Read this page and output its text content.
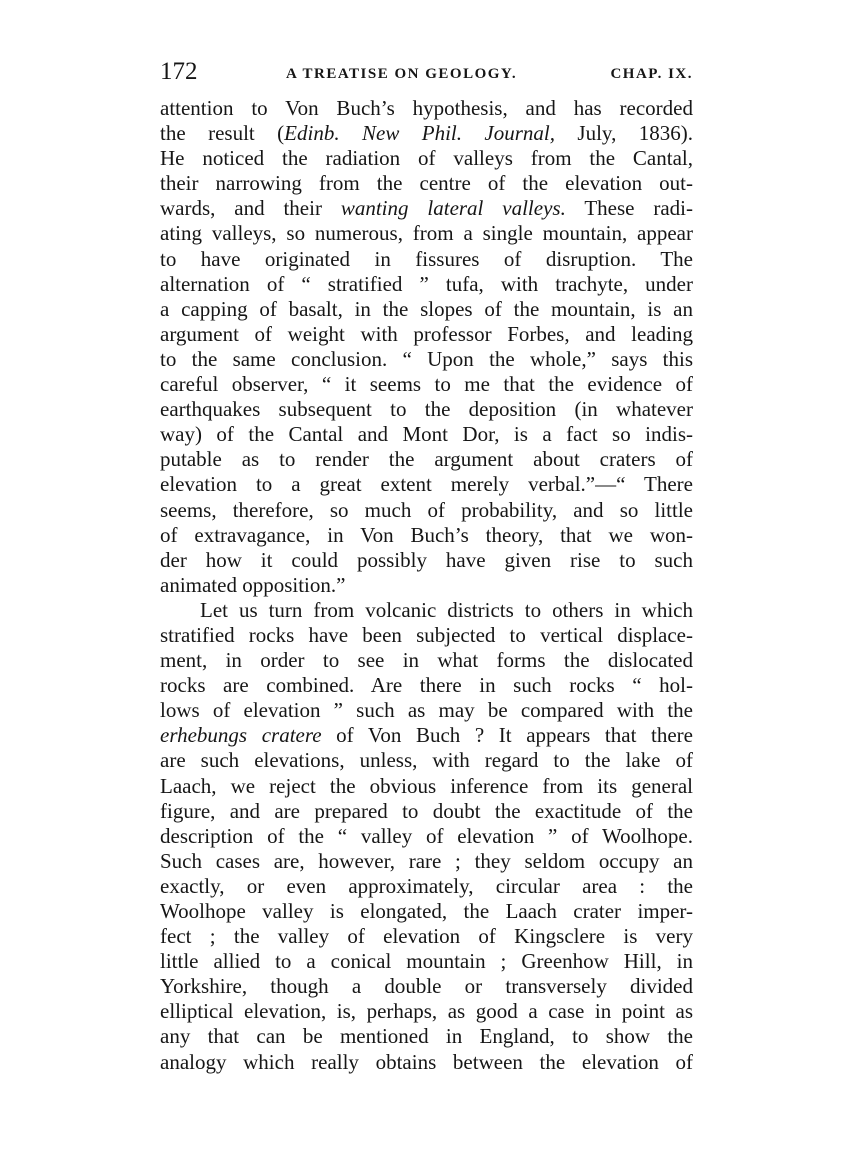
172	A TREATISE ON GEOLOGY.	CHAP. IX.
attention to Von Buch’s hypothesis, and has recorded
the result (Edinb. New Phil. Journal, July, 1836).
He noticed the radiation of valleys from the Cantal,
their narrowing from the centre of the elevation out-
wards, and their wanting lateral valleys. These radi-
ating valleys, so numerous, from a single mountain, appear
to have originated in fissures of disruption. The
alternation of “ stratified ” tufa, with trachyte, under
a capping of basalt, in the slopes of the mountain, is an
argument of weight with professor Forbes, and leading
to the same conclusion. “ Upon the whole,” says this
careful observer, “ it seems to me that the evidence of
earthquakes subsequent to the deposition (in whatever
way) of the Cantal and Mont Dor, is a fact so indis-
putable as to render the argument about craters of
elevation to a great extent merely verbal.”—“ There
seems, therefore, so much of probability, and so little
of extravagance, in Von Buch’s theory, that we won-
der how it could possibly have given rise to such
animated opposition.”
Let us turn from volcanic districts to others in which
stratified rocks have been subjected to vertical displace-
ment, in order to see in what forms the dislocated
rocks are combined. Are there in such rocks “ hol-
lows of elevation ” such as may be compared with the
erhebungs cratere of Von Buch ? It appears that there
are such elevations, unless, with regard to the lake of
Laach, we reject the obvious inference from its general
figure, and are prepared to doubt the exactitude of the
description of the “ valley of elevation ” of Woolhope.
Such cases are, however, rare ; they seldom occupy an
exactly, or even approximately, circular area : the
Woolhope valley is elongated, the Laach crater imper-
fect ; the valley of elevation of Kingsclere is very
little allied to a conical mountain ; Greenhow Hill, in
Yorkshire, though a double or transversely divided
elliptical elevation, is, perhaps, as good a case in point as
any that can be mentioned in England, to show the
analogy which really obtains between the elevation of
